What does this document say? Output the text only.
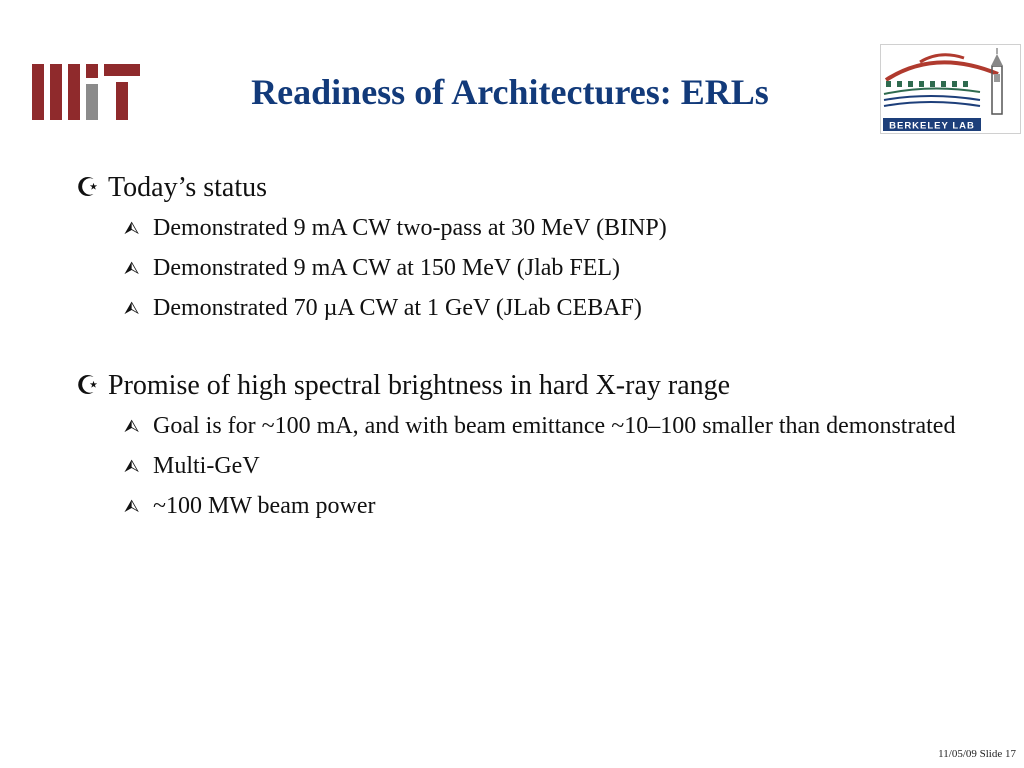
Readiness of Architectures: ERLs
BERKELEY LAB
☪ Today’s status
⮙ Demonstrated 9 mA CW two-pass at 30 MeV (BINP)
⮙ Demonstrated 9 mA CW at 150 MeV (Jlab FEL)
⮙ Demonstrated 70 µA CW at 1 GeV (JLab CEBAF)
☪ Promise of high spectral brightness in hard X-ray range
⮙ Goal is for ~100 mA, and with beam emittance ~10–100 smaller than demonstrated
⮙ Multi-GeV
⮙ ~100 MW beam power
11/05/09 Slide 17
